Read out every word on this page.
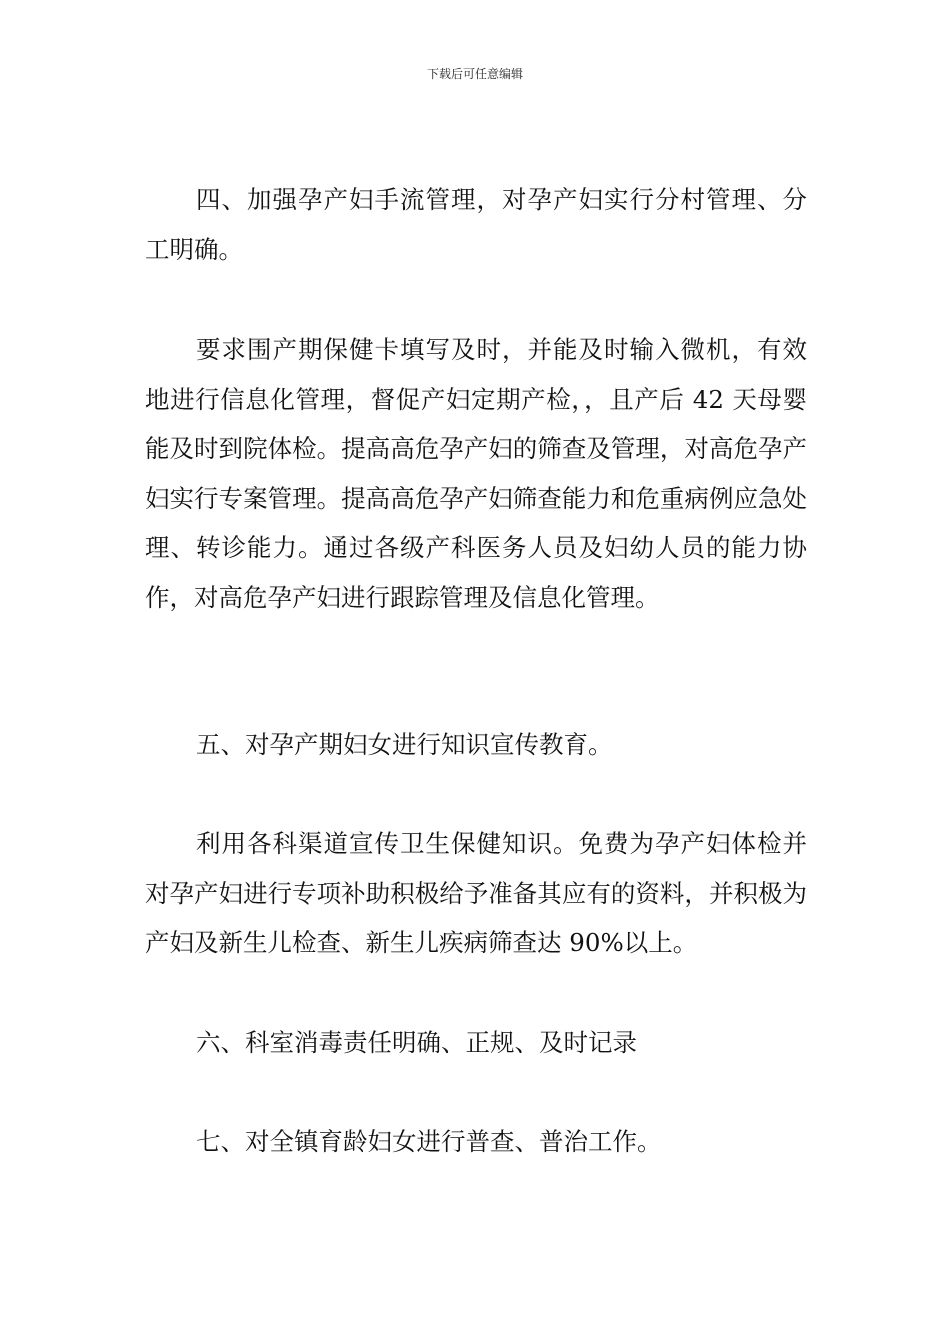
下载后可任意编辑

四、加强孕产妇手流管理，对孕产妇实行分村管理、分工明确。

要求围产期保健卡填写及时，并能及时输入微机，有效地进行信息化管理，督促产妇定期产检，，且产后 42 天母婴能及时到院体检。提高高危孕产妇的筛查及管理，对高危孕产妇实行专案管理。提高高危孕产妇筛查能力和危重病例应急处理、转诊能力。通过各级产科医务人员及妇幼人员的能力协作，对高危孕产妇进行跟踪管理及信息化管理。

五、对孕产期妇女进行知识宣传教育。

利用各科渠道宣传卫生保健知识。免费为孕产妇体检并对孕产妇进行专项补助积极给予准备其应有的资料，并积极为产妇及新生儿检查、新生儿疾病筛查达 90%以上。

六、科室消毒责任明确、正规、及时记录

七、对全镇育龄妇女进行普查、普治工作。
